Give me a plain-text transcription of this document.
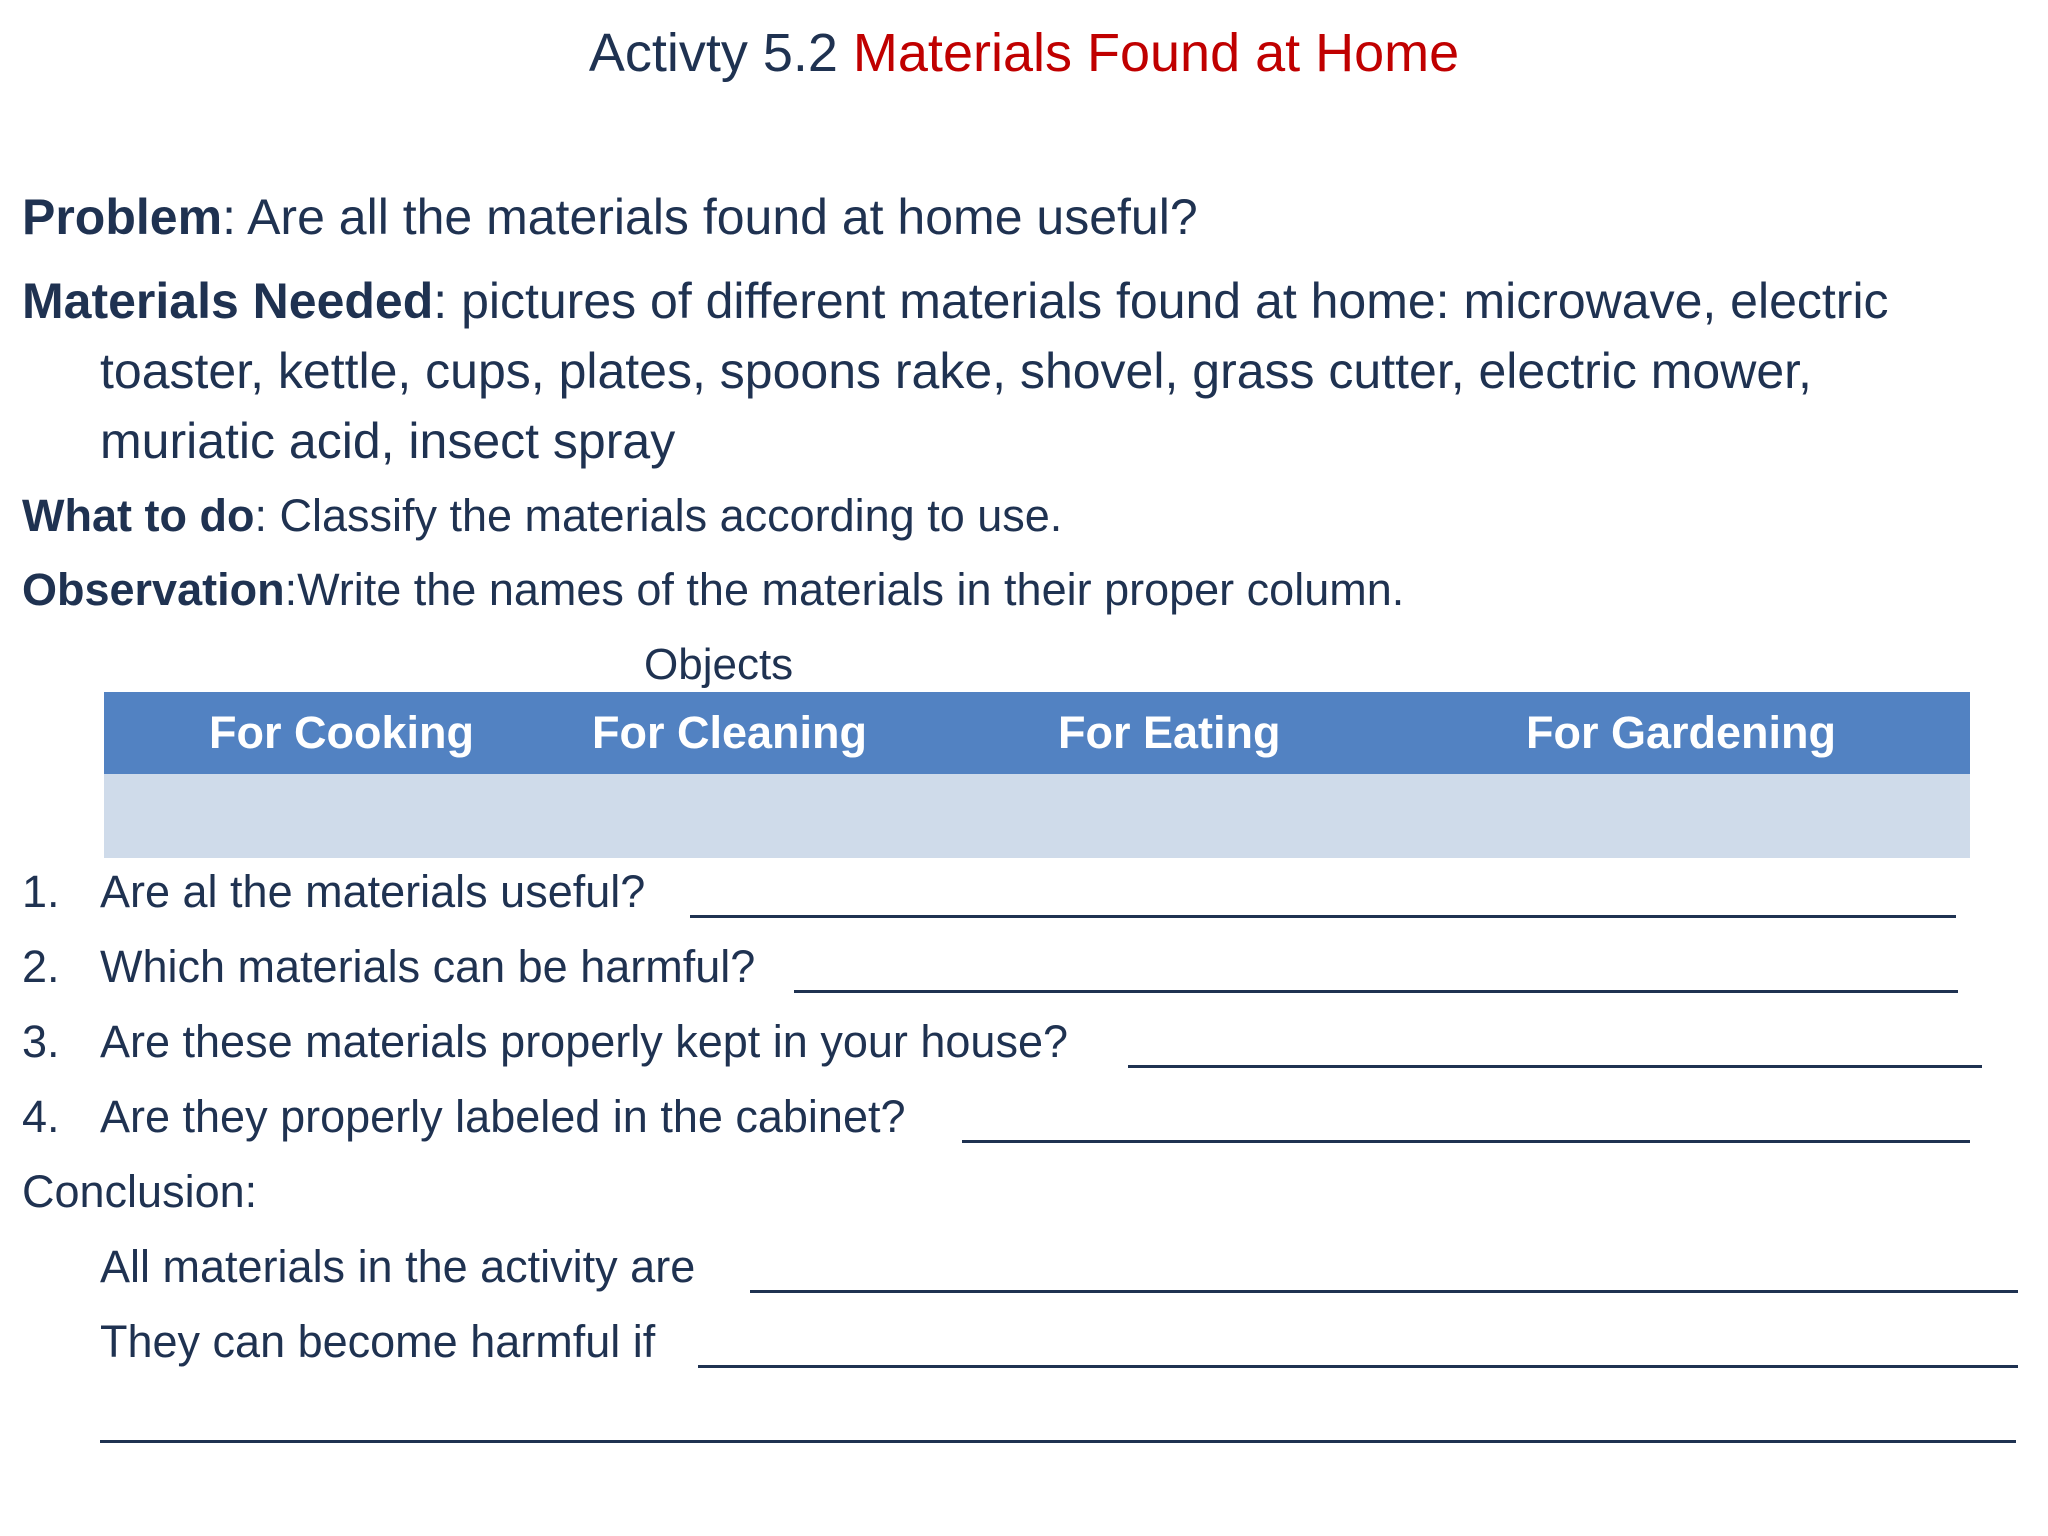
Activty 5.2 Materials Found at Home
Problem: Are all the materials found at home useful?
Materials Needed: pictures of different materials found at home: microwave, electric
toaster, kettle, cups, plates, spoons rake, shovel, grass cutter, electric mower,
muriatic acid, insect spray
What to do: Classify the materials according to use.
Observation:Write the names of the materials in their proper column.
Objects
For Cooking	For Cleaning	For Eating	For Gardening
1. Are al the materials useful?
2. Which materials can be harmful?
3. Are these materials properly kept in your house?
4. Are they properly labeled in the cabinet?
Conclusion:
All materials in the activity are
They can become harmful if
